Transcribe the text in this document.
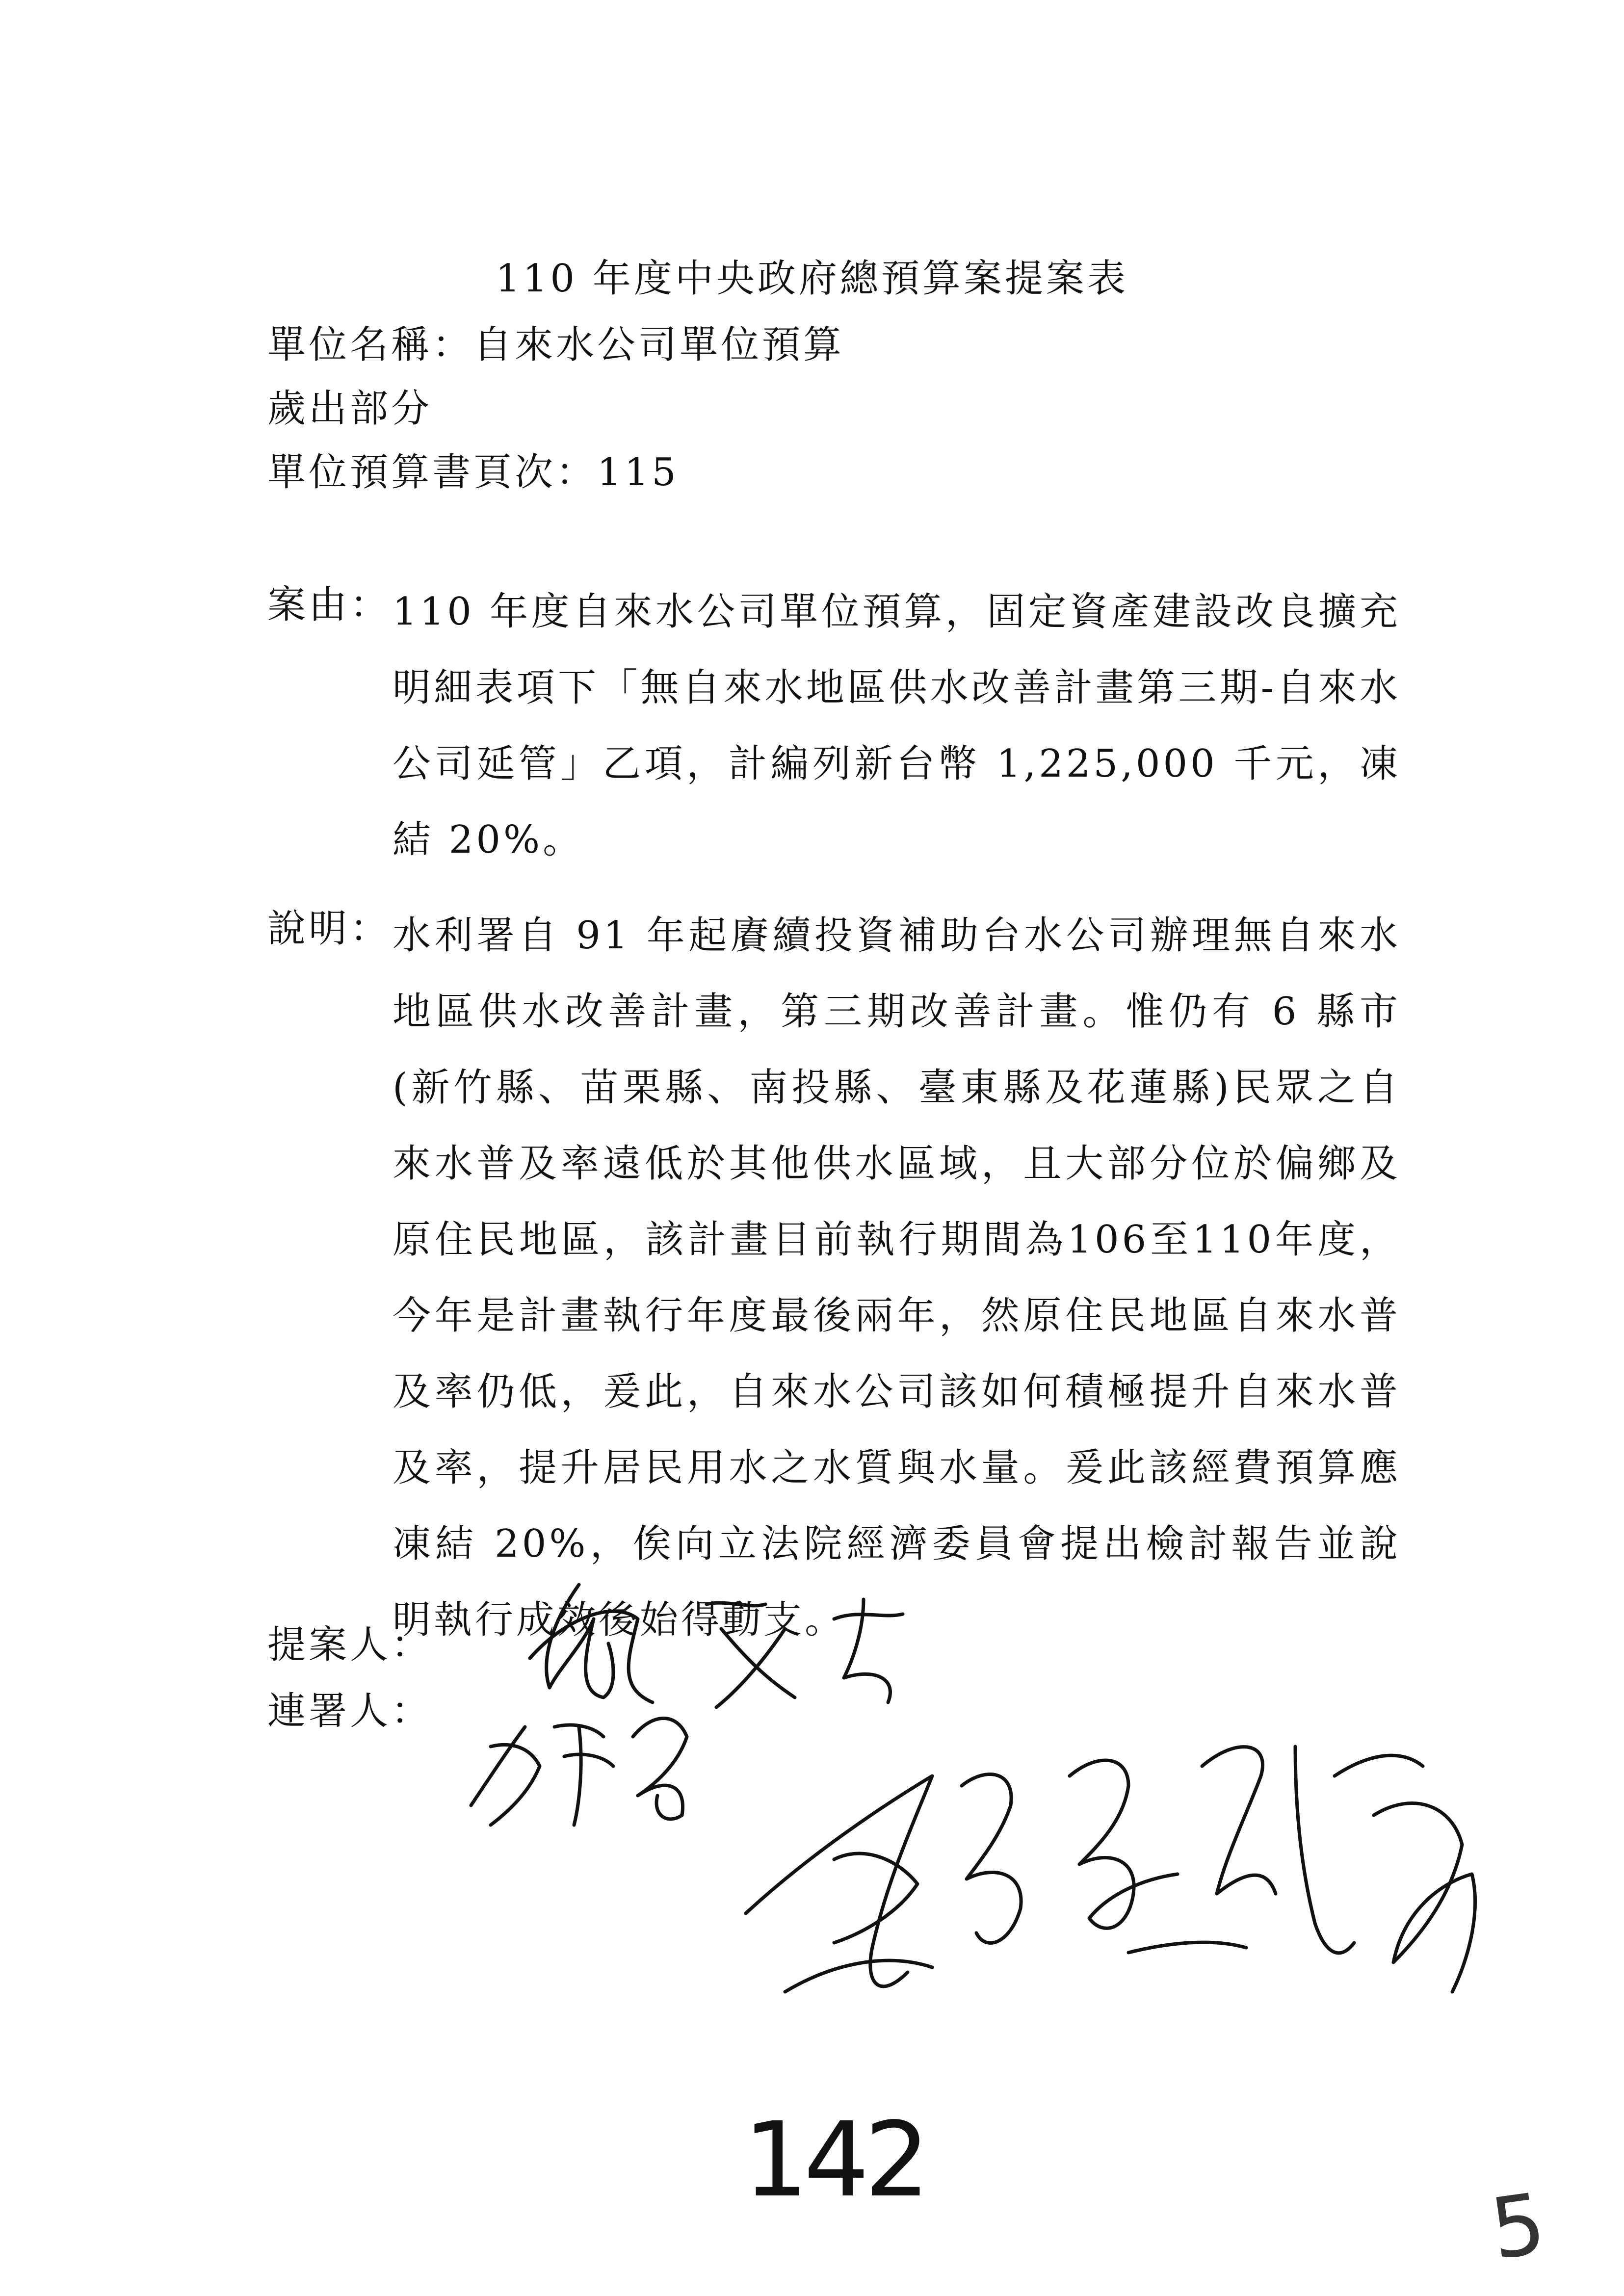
110 年度中央政府總預算案提案表
單位名稱：自來水公司單位預算
歲出部分
單位預算書頁次：115
案由： 110 年度自來水公司單位預算，固定資產建設改良擴充明細表項下「無自來水地區供水改善計畫第三期-自來水公司延管」乙項，計編列新台幣 1,225,000 千元，凍結 20%。
說明： 水利署自 91 年起賡續投資補助台水公司辦理無自來水地區供水改善計畫，第三期改善計畫。惟仍有 6 縣市(新竹縣、苗栗縣、南投縣、臺東縣及花蓮縣)民眾之自來水普及率遠低於其他供水區域，且大部分位於偏鄉及原住民地區，該計畫目前執行期間為106至110年度，今年是計畫執行年度最後兩年，然原住民地區自來水普及率仍低，爰此，自來水公司該如何積極提升自來水普及率，提升居民用水之水質與水量。爰此該經費預算應凍結 20%，俟向立法院經濟委員會提出檢討報告並說明執行成效後始得動支。
提案人：
連署人：
142
5
